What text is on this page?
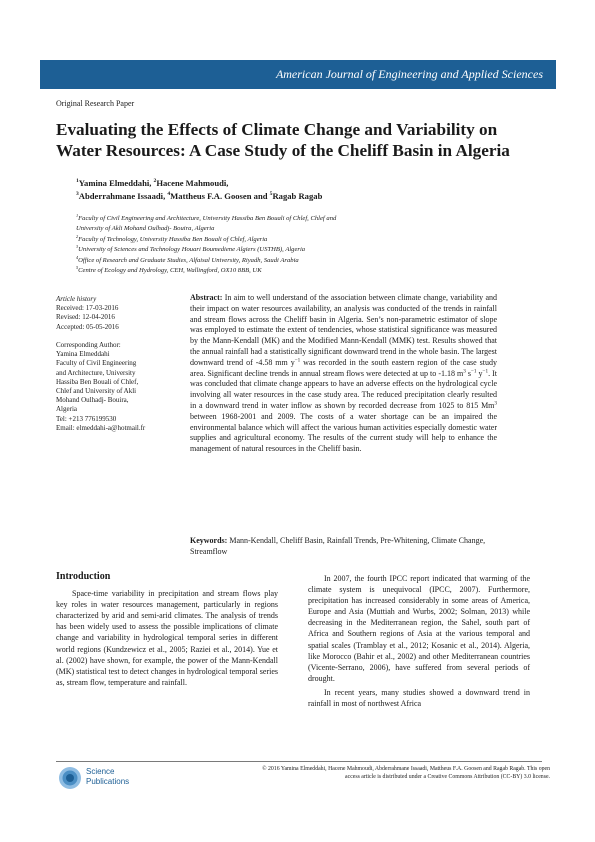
American Journal of Engineering and Applied Sciences
Original Research Paper
Evaluating the Effects of Climate Change and Variability on Water Resources: A Case Study of the Cheliff Basin in Algeria
$^1$Yamina Elmeddahi, $^2$Hacene Mahmoudi,
$^3$Abderrahmane Issaadi, $^4$Mattheus F.A. Goosen and $^5$Ragab Ragab
$^1$Faculty of Civil Engineering and Architecture, University Hassiba Ben Bouali of Chlef, Chlef and
University of Akli Mohand Oulhadj- Bouira, Algeria
$^2$Faculty of Technology, University Hassiba Ben Bouali of Chlef, Algeria
$^3$University of Sciences and Technology Houari Boumediene Algiers (USTHB), Algeria
$^4$Office of Research and Graduate Studies, Alfaisal University, Riyadh, Saudi Arabia
$^5$Centre of Ecology and Hydrology, CEH, Wallingford, OX10 8BB, UK
Article history
Received: 17-03-2016
Revised: 12-04-2016
Accepted: 05-05-2016
Corresponding Author:
Yamina Elmeddahi
Faculty of Civil Engineering
and Architecture, University
Hassiba Ben Bouali of Chlef,
Chlef and University of Akli
Mohand Oulhadj- Bouira,
Algeria
Tel: +213 776199530
Email: elmeddahi-a@hotmail.fr
Abstract: In aim to well understand of the association between climate change, variability and their impact on water resources availability, an analysis was conducted of the trends in rainfall and stream flows across the Cheliff basin in Algeria. Sen’s non-parametric estimator of slope was employed to estimate the extent of tendencies, whose statistical significance was measured by the Mann-Kendall (MK) and the Modified Mann-Kendall (MMK) test. Results showed that the annual rainfall had a statistically significant downward trend in the whole basin. The largest downward trend of -4.58 mm $y^{-1}$ was recorded in the south eastern region of the case study area. Significant decline trends in annual stream flows were detected at up to -1.18 $m^3$ $s^{-1}$ $y^{-1}$. It was concluded that climate change appears to have an adverse effects on the hydrological cycle involving all water resources in the case study area. The reduced precipitation clearly resulted in a downward trend in water inflow as shown by recorded decrease from 1025 to 815 Mm$^3$ between 1968-2001 and 2009. The costs of a water shortage can be an impaired the environmental balance which will affect the various human activities especially domestic water supplies and agricultural economy. The results of the current study will help to enhance the management of natural resources in the Cheliff basin.
Keywords: Mann-Kendall, Cheliff Basin, Rainfall Trends, Pre-Whitening, Climate Change, Streamflow
Introduction

Space-time variability in precipitation and stream flows play key roles in water resources management, particularly in regions characterized by arid and semi-arid climates. The analysis of trends has been widely used to assess the possible implications of climate change and variability in hydrological temporal series in different world regions (Kundzewicz et al., 2005; Raziei et al., 2014). Yue et al. (2002) have shown, for example, the power of the Mann-Kendall (MK) statistical test to detect changes in hydrological temporal series as, stream flow, temperature and rainfall.

In 2007, the fourth IPCC report indicated that warming of the climate system is unequivocal (IPCC, 2007). Furthermore, precipitation has increased considerably in some areas of America, Europe and Asia (Muttiah and Wurbs, 2002; Solman, 2013) while decreasing in the Mediterranean region, the Sahel, south part of Africa and Southern regions of Asia at the various temporal and spatial scales (Tramblay et al., 2012; Kosanic et al., 2014). Algeria, like Morocco (Bahir et al., 2002) and other Mediterranean countries (Vicente-Serrano, 2006), have suffered from several periods of drought.

In recent years, many studies showed a downward trend in rainfall in most of northwest Africa

Science
Publications
© 2016 Yamina Elmeddahi, Hacene Mahmoudi, Abderrahmane Issaadi, Mattheus F.A. Goosen and Ragab Ragab. This open
access article is distributed under a Creative Commons Attribution (CC-BY) 3.0 license.
